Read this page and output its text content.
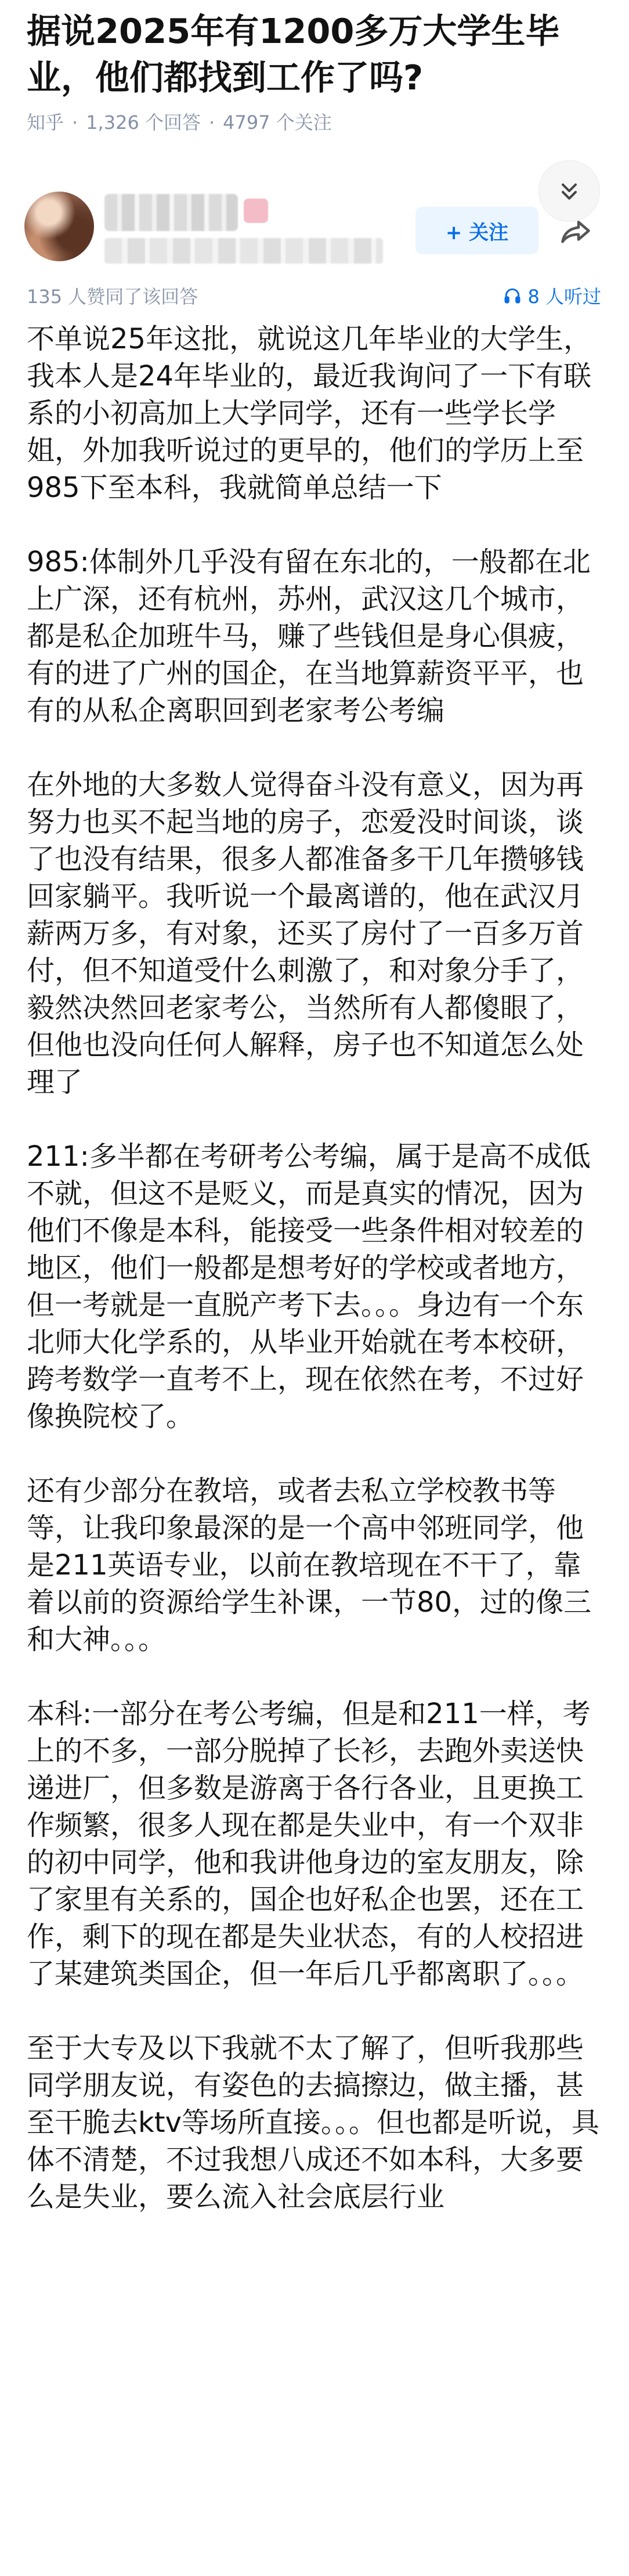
据说2025年有1200多万大学生毕业，他们都找到工作了吗?
知乎 · 1,326 个回答 · 4797 个关注
+ 关注
135 人赞同了该回答	8 人听过

不单说25年这批，就说这几年毕业的大学生，我本人是24年毕业的，最近我询问了一下有联系的小初高加上大学同学，还有一些学长学姐，外加我听说过的更早的，他们的学历上至985下至本科，我就简单总结一下

985:体制外几乎没有留在东北的，一般都在北上广深，还有杭州，苏州，武汉这几个城市，都是私企加班牛马，赚了些钱但是身心俱疲，有的进了广州的国企，在当地算薪资平平，也有的从私企离职回到老家考公考编

在外地的大多数人觉得奋斗没有意义，因为再努力也买不起当地的房子，恋爱没时间谈，谈了也没有结果，很多人都准备多干几年攒够钱回家躺平。我听说一个最离谱的，他在武汉月薪两万多，有对象，还买了房付了一百多万首付，但不知道受什么刺激了，和对象分手了，毅然决然回老家考公，当然所有人都傻眼了，但他也没向任何人解释，房子也不知道怎么处理了

211:多半都在考研考公考编，属于是高不成低不就，但这不是贬义，而是真实的情况，因为他们不像是本科，能接受一些条件相对较差的地区，他们一般都是想考好的学校或者地方，但一考就是一直脱产考下去。。。身边有一个东北师大化学系的，从毕业开始就在考本校研，跨考数学一直考不上，现在依然在考，不过好像换院校了。

还有少部分在教培，或者去私立学校教书等等，让我印象最深的是一个高中邻班同学，他是211英语专业，以前在教培现在不干了，靠着以前的资源给学生补课，一节80，过的像三和大神。。。

本科:一部分在考公考编，但是和211一样，考上的不多，一部分脱掉了长衫，去跑外卖送快递进厂，但多数是游离于各行各业，且更换工作频繁，很多人现在都是失业中，有一个双非的初中同学，他和我讲他身边的室友朋友，除了家里有关系的，国企也好私企也罢，还在工作，剩下的现在都是失业状态，有的人校招进了某建筑类国企，但一年后几乎都离职了。。。

至于大专及以下我就不太了解了，但听我那些同学朋友说，有姿色的去搞擦边，做主播，甚至干脆去ktv等场所直接。。。但也都是听说，具体不清楚，不过我想八成还不如本科，大多要么是失业，要么流入社会底层行业
